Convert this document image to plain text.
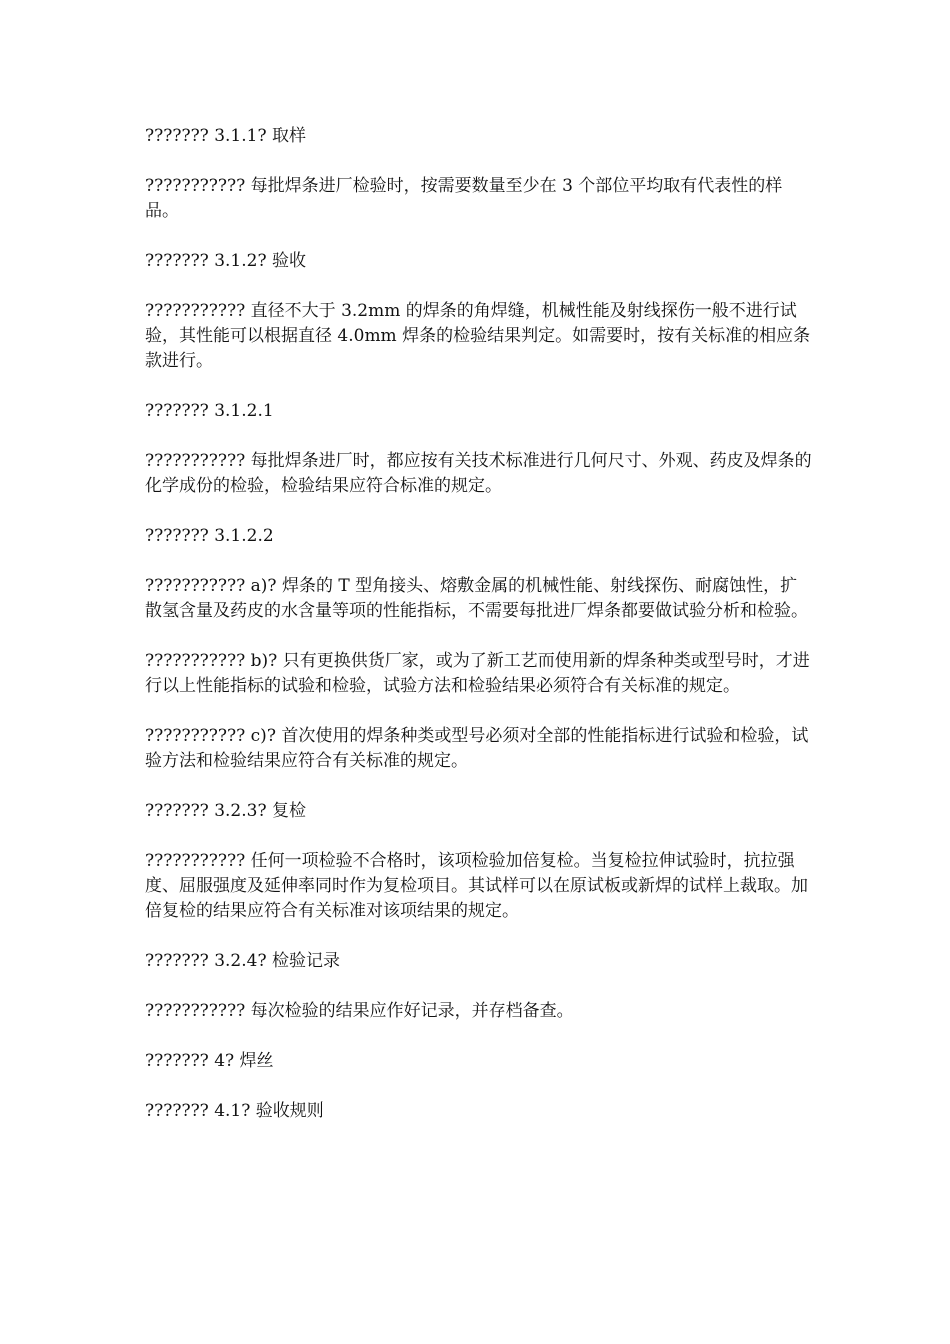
??????? 3.1.1? 取样

??????????? 每批焊条进厂检验时，按需要数量至少在 3 个部位平均取有代表性的样品。

??????? 3.1.2? 验收

??????????? 直径不大于 3.2mm 的焊条的角焊缝，机械性能及射线探伤一般不进行试验，其性能可以根据直径 4.0mm 焊条的检验结果判定。如需要时，按有关标准的相应条款进行。

??????? 3.1.2.1

??????????? 每批焊条进厂时，都应按有关技术标准进行几何尺寸、外观、药皮及焊条的化学成份的检验，检验结果应符合标准的规定。

??????? 3.1.2.2

??????????? a)? 焊条的 T 型角接头、熔敷金属的机械性能、射线探伤、耐腐蚀性，扩散氢含量及药皮的水含量等项的性能指标，不需要每批进厂焊条都要做试验分析和检验。

??????????? b)? 只有更换供货厂家，或为了新工艺而使用新的焊条种类或型号时，才进行以上性能指标的试验和检验，试验方法和检验结果必须符合有关标准的规定。

??????????? c)? 首次使用的焊条种类或型号必须对全部的性能指标进行试验和检验，试验方法和检验结果应符合有关标准的规定。

??????? 3.2.3? 复检

??????????? 任何一项检验不合格时，该项检验加倍复检。当复检拉伸试验时，抗拉强度、屈服强度及延伸率同时作为复检项目。其试样可以在原试板或新焊的试样上裁取。加倍复检的结果应符合有关标准对该项结果的规定。

??????? 3.2.4? 检验记录

??????????? 每次检验的结果应作好记录，并存档备查。

??????? 4? 焊丝

??????? 4.1? 验收规则
